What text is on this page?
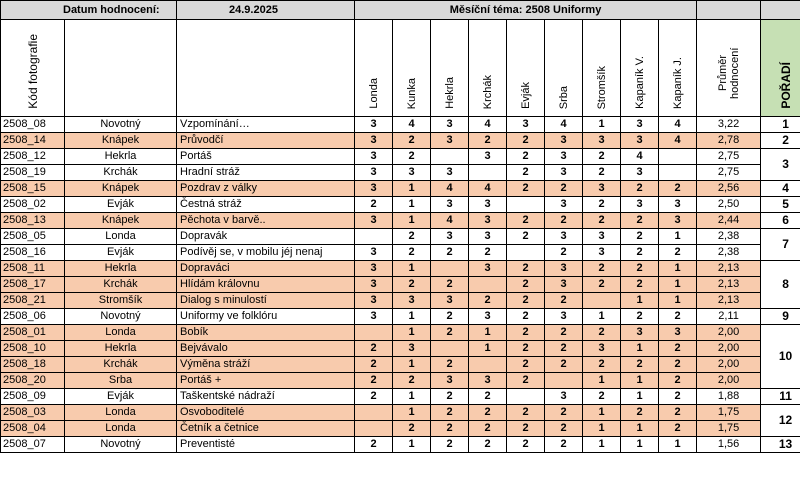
Datum hodnocení:		24.9.2025	Měsíční téma: 2508 Uniformy										
Kód fotografie			Londa	Kunka	Hekrla	Krchák	Evják	Srba	Stromšík	Kapaník V.	Kapaník J.	Průměr hodnocení	POŘADÍ
2508_08	Novotný	Vzpomínání…	3	4	3	4	3	4	1	3	4	3,22	1
2508_14	Knápek	Průvodčí	3	2	3	2	2	3	3	3	4	2,78	2
2508_12	Hekrla	Portáš	3	2		3	2	3	2	4		2,75	3
2508_19	Krchák	Hradní stráž	3	3	3		2	3	2	3		2,75	
2508_15	Knápek	Pozdrav z války	3	1	4	4	2	2	3	2	2	2,56	4
2508_02	Evják	Čestná stráž	2	1	3	3		3	2	3	3	2,50	5
2508_13	Knápek	Pěchota v barvě..	3	1	4	3	2	2	2	2	3	2,44	6
2508_05	Londa	Dopravák		2	3	3	2	3	3	2	1	2,38	7
2508_16	Evják	Podívěj se, v mobilu jéj nenaj	3	2	2	2		2	3	2	2	2,38	
2508_11	Hekrla	Dopraváci	3	1		3	2	3	2	2	1	2,13	8
2508_17	Krchák	Hlídám královnu	3	2	2		2	3	2	2	1	2,13	
2508_21	Stromšík	Dialog s minulostí	3	3	3	2	2	2		1	1	2,13	
2508_06	Novotný	Uniformy ve folklóru	3	1	2	3	2	3	1	2	2	2,11	9
2508_01	Londa	Bobík		1	2	1	2	2	2	3	3	2,00	10
2508_10	Hekrla	Bejvávalo	2	3		1	2	2	3	1	2	2,00	
2508_18	Krchák	Výměna stráží	2	1	2		2	2	2	2	2	2,00	
2508_20	Srba	Portáš +	2	2	3	3	2		1	1	2	2,00	
2508_09	Evják	Taškentské nádraží	2	1	2	2		3	2	1	2	1,88	11
2508_03	Londa	Osvoboditelé		1	2	2	2	2	1	2	2	1,75	12
2508_04	Londa	Četník a četnice		2	2	2	2	2	1	1	2	1,75	
2508_07	Novotný	Preventisté	2	1	2	2	2	2	1	1	1	1,56	13
